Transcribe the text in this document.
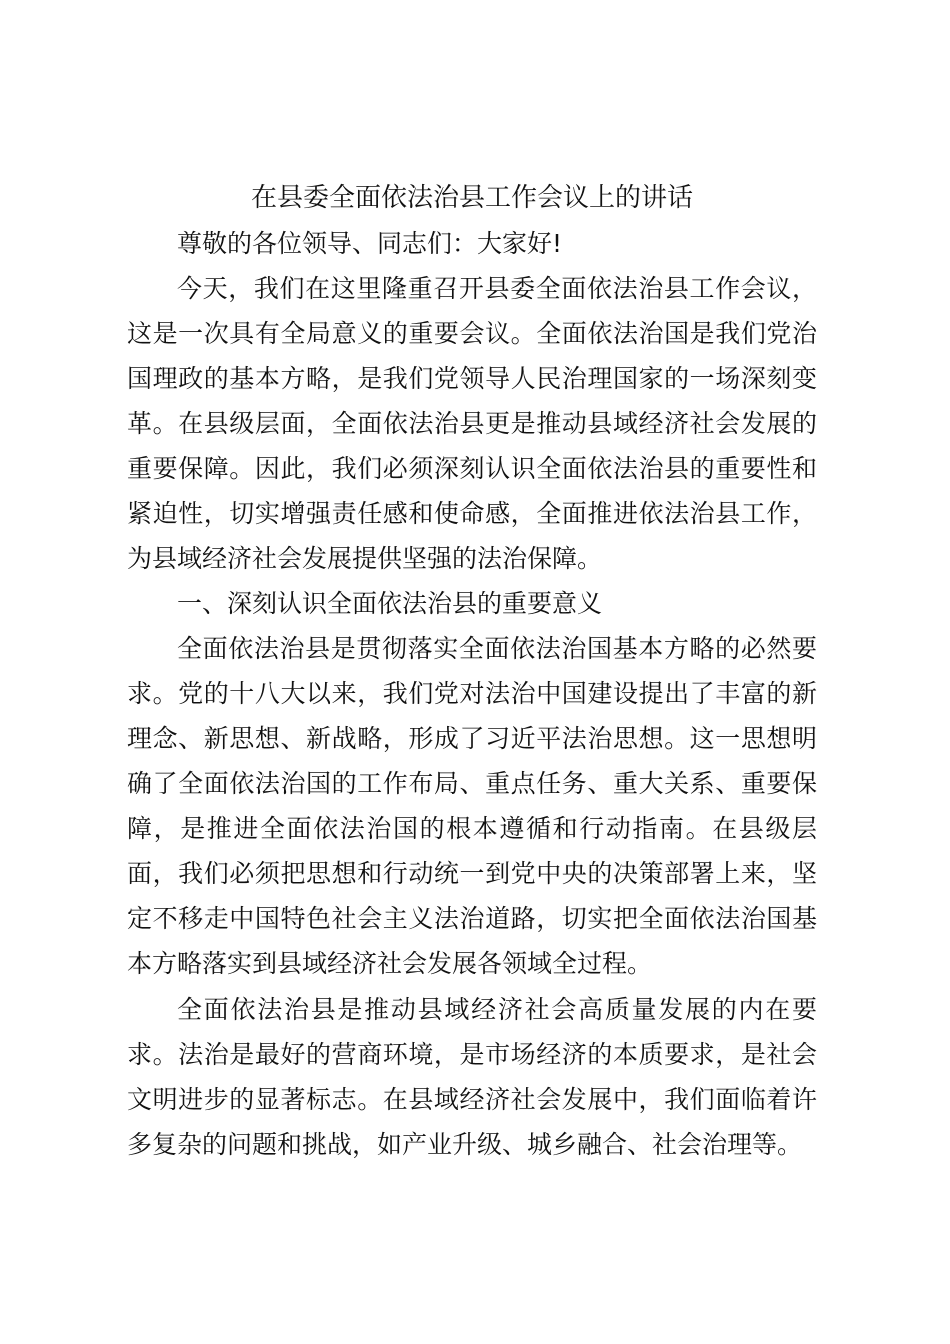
在县委全面依法治县工作会议上的讲话

尊敬的各位领导、同志们：大家好!

今天，我们在这里隆重召开县委全面依法治县工作会议，这是一次具有全局意义的重要会议。全面依法治国是我们党治国理政的基本方略，是我们党领导人民治理国家的一场深刻变革。在县级层面，全面依法治县更是推动县域经济社会发展的重要保障。因此，我们必须深刻认识全面依法治县的重要性和紧迫性，切实增强责任感和使命感，全面推进依法治县工作，为县域经济社会发展提供坚强的法治保障。

一、深刻认识全面依法治县的重要意义

全面依法治县是贯彻落实全面依法治国基本方略的必然要求。党的十八大以来，我们党对法治中国建设提出了丰富的新理念、新思想、新战略，形成了习近平法治思想。这一思想明确了全面依法治国的工作布局、重点任务、重大关系、重要保障，是推进全面依法治国的根本遵循和行动指南。在县级层面，我们必须把思想和行动统一到党中央的决策部署上来，坚定不移走中国特色社会主义法治道路，切实把全面依法治国基本方略落实到县域经济社会发展各领域全过程。

全面依法治县是推动县域经济社会高质量发展的内在要求。法治是最好的营商环境，是市场经济的本质要求，是社会文明进步的显著标志。在县域经济社会发展中，我们面临着许多复杂的问题和挑战，如产业升级、城乡融合、社会治理等。
